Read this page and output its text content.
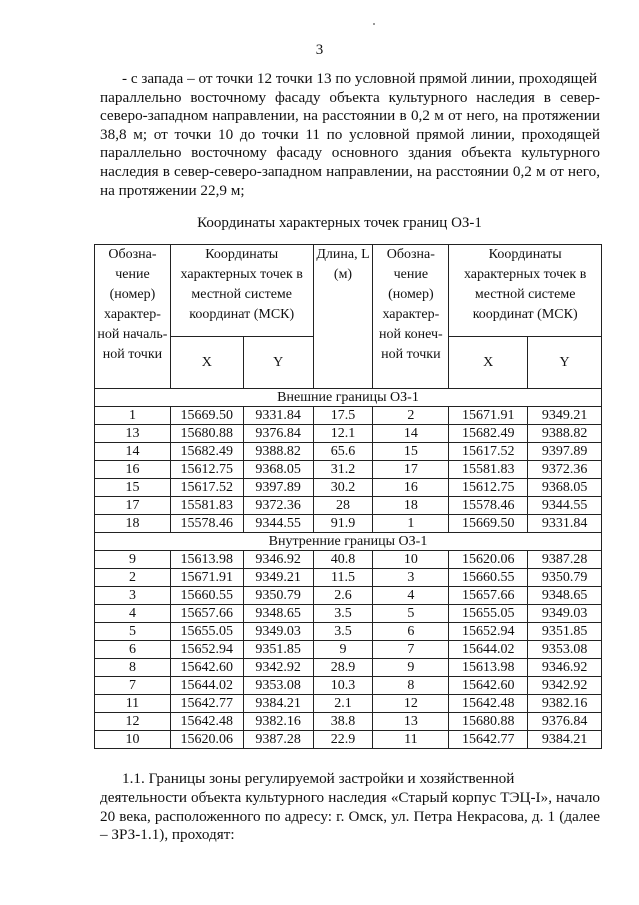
3
- с запада – от точки 12 точки 13 по условной прямой линии, проходящей
параллельно восточному фасаду объекта культурного наследия в север-северо-западном направлении, на расстоянии в 0,2 м от него, на протяжении 38,8 м; от точки 10 до точки 11 по условной прямой линии, проходящей параллельно восточному фасаду основного здания объекта культурного наследия в север-северо-западном направлении, на расстоянии 0,2 м от него, на протяжении 22,9 м;
Координаты характерных точек границ ОЗ-1
Обозна-чение (номер) характер-ной началь-ной точки	Координаты характерных точек в местной системе координат (МСК)		Длина, L (м)	Обозна-чение (номер) характер-ной конеч-ной точки	Координаты характерных точек в местной системе координат (МСК)	
	X	Y			X	Y
Внешние границы ОЗ-1						
1	15669.50	9331.84	17.5	2	15671.91	9349.21
13	15680.88	9376.84	12.1	14	15682.49	9388.82
14	15682.49	9388.82	65.6	15	15617.52	9397.89
16	15612.75	9368.05	31.2	17	15581.83	9372.36
15	15617.52	9397.89	30.2	16	15612.75	9368.05
17	15581.83	9372.36	28	18	15578.46	9344.55
18	15578.46	9344.55	91.9	1	15669.50	9331.84
Внутренние границы ОЗ-1						
9	15613.98	9346.92	40.8	10	15620.06	9387.28
2	15671.91	9349.21	11.5	3	15660.55	9350.79
3	15660.55	9350.79	2.6	4	15657.66	9348.65
4	15657.66	9348.65	3.5	5	15655.05	9349.03
5	15655.05	9349.03	3.5	6	15652.94	9351.85
6	15652.94	9351.85	9	7	15644.02	9353.08
8	15642.60	9342.92	28.9	9	15613.98	9346.92
7	15644.02	9353.08	10.3	8	15642.60	9342.92
11	15642.77	9384.21	2.1	12	15642.48	9382.16
12	15642.48	9382.16	38.8	13	15680.88	9376.84
10	15620.06	9387.28	22.9	11	15642.77	9384.21
1.1. Границы зоны регулируемой застройки и хозяйственной
деятельности объекта культурного наследия «Старый корпус ТЭЦ-I», начало 20 века, расположенного по адресу: г. Омск, ул. Петра Некрасова, д. 1 (далее – ЗРЗ-1.1), проходят:
